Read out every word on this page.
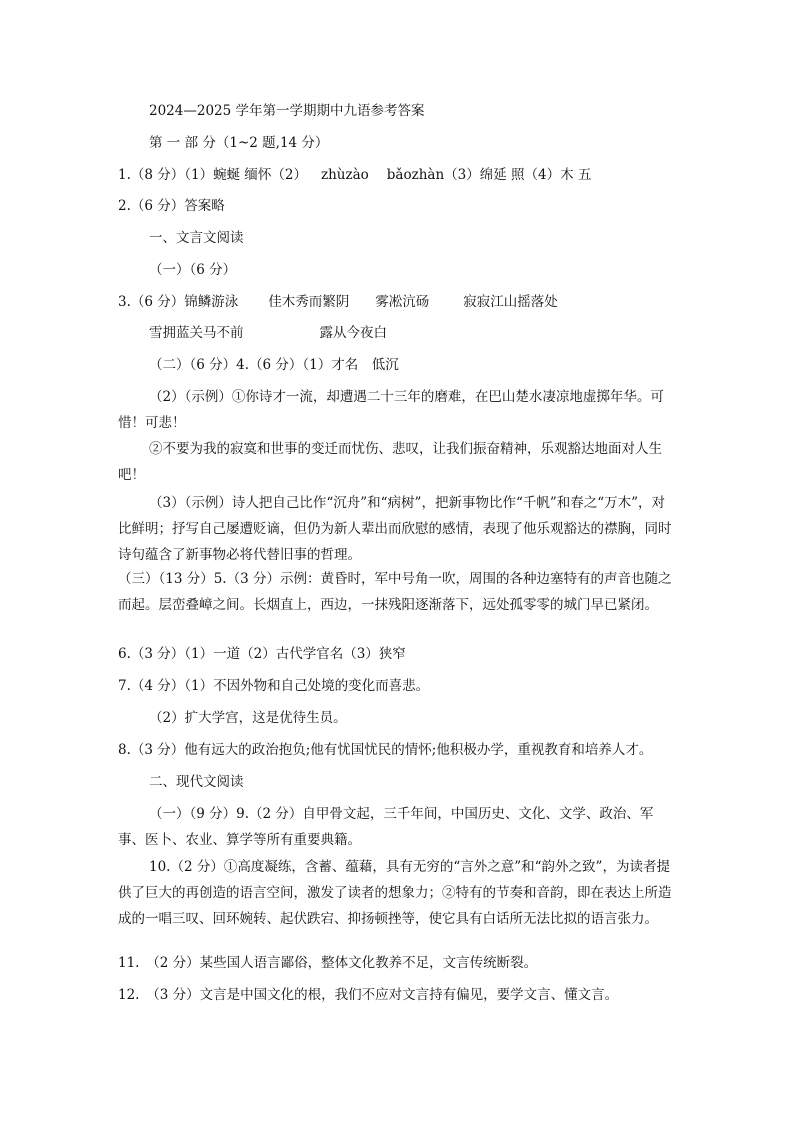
2024—2025 学年第一学期期中九语参考答案
第 一 部 分（1~2 题,14 分）
1.（8 分）（1）蜿蜒 缅怀（2） zhùzào bǎozhàn（3）绵延 照（4）木 五
2.（6 分）答案略
一、文言文阅读
（一）（6 分）
3.（6 分）锦鳞游泳 佳木秀而繁阴 雾凇沆砀	寂寂江山摇落处
雪拥蓝关马不前	露从今夜白
（二）（6 分）4.（6 分）（1）才名　低沉
（2）（示例）①你诗才一流，却遭遇二十三年的磨难，在巴山楚水凄凉地虚掷年华。可惜！可悲！
②不要为我的寂寞和世事的变迁而忧伤、悲叹，让我们振奋精神，乐观豁达地面对人生吧！
（3）（示例）诗人把自己比作“沉舟”和“病树”，把新事物比作“千帆”和春之“万木”，对比鲜明；抒写自己屡遭贬谪，但仍为新人辈出而欣慰的感情，表现了他乐观豁达的襟胸，同时诗句蕴含了新事物必将代替旧事的哲理。
（三）（13 分）5.（3 分）示例：黄昏时，军中号角一吹，周围的各种边塞特有的声音也随之而起。层峦叠嶂之间。长烟直上，西边，一抹残阳逐渐落下，远处孤零零的城门早已紧闭。
6.（3 分）（1）一道（2）古代学官名（3）狭窄
7.（4 分）（1）不因外物和自己处境的变化而喜悲。
（2）扩大学宫，这是优待生员。
8.（3 分）他有远大的政治抱负;他有忧国忧民的情怀;他积极办学，重视教育和培养人才。
二、现代文阅读
（一）（9 分）9.（2 分）自甲骨文起，三千年间，中国历史、文化、文学、政治、军事、医卜、农业、算学等所有重要典籍。
10.（2 分）①高度凝练，含蓄、蕴藉，具有无穷的“言外之意”和“韵外之致”，为读者提供了巨大的再创造的语言空间，激发了读者的想象力；②特有的节奏和音韵，即在表达上所造成的一唱三叹、回环婉转、起伏跌宕、抑扬顿挫等，使它具有白话所无法比拟的语言张力。
11.　（2 分）某些国人语言鄙俗，整体文化教养不足，文言传统断裂。
12.　（3 分）文言是中国文化的根，我们不应对文言持有偏见，要学文言、懂文言。
